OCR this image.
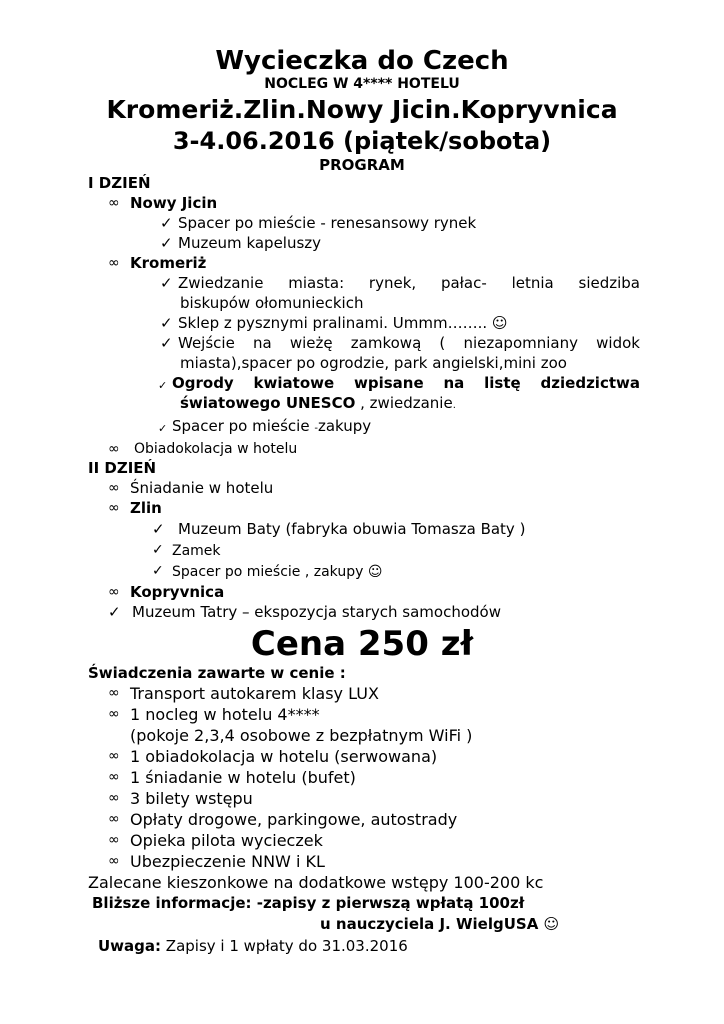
Wycieczka do Czech
NOCLEG W 4**** HOTELU
Kromeriż.Zlin.Nowy Jicin.Kopryvnica
3-4.06.2016 (piątek/sobota)
PROGRAM
I DZIEŃ
∞ Nowy Jicin
✓ Spacer po mieście - renesansowy rynek
✓ Muzeum kapeluszy
∞ Kromeriż
✓ Zwiedzanie miasta: rynek, pałac- letnia siedziba
biskupów ołomunieckich
✓ Sklep z pysznymi pralinami. Ummm…….. ☺
✓ Wejście na wieżę zamkową ( niezapomniany widok
miasta),spacer po ogrodzie, park angielski,mini zoo
✓ Ogrody kwiatowe wpisane na listę dziedzictwa
światowego UNESCO , zwiedzanie.
✓ Spacer po mieście -zakupy
∞ Obiadokolacja w hotelu
II DZIEŃ
∞ Śniadanie w hotelu
∞ Zlin
✓ Muzeum Baty (fabryka obuwia Tomasza Baty )
✓ Zamek
✓ Spacer po mieście , zakupy ☺
∞ Kopryvnica
✓ Muzeum Tatry – ekspozycja starych samochodów
Cena 250 zł
Świadczenia zawarte w cenie :
∞ Transport autokarem klasy LUX
∞ 1 nocleg w hotelu 4****
(pokoje 2,3,4 osobowe z bezpłatnym WiFi )
∞ 1 obiadokolacja w hotelu (serwowana)
∞ 1 śniadanie w hotelu (bufet)
∞ 3 bilety wstępu
∞ Opłaty drogowe, parkingowe, autostrady
∞ Opieka pilota wycieczek
∞ Ubezpieczenie NNW i KL
Zalecane kieszonkowe na dodatkowe wstępy 100-200 kc
Bliższe informacje: -zapisy z pierwszą wpłatą 100zł
u nauczyciela J. WielgUSA ☺
Uwaga: Zapisy i 1 wpłaty do 31.03.2016
